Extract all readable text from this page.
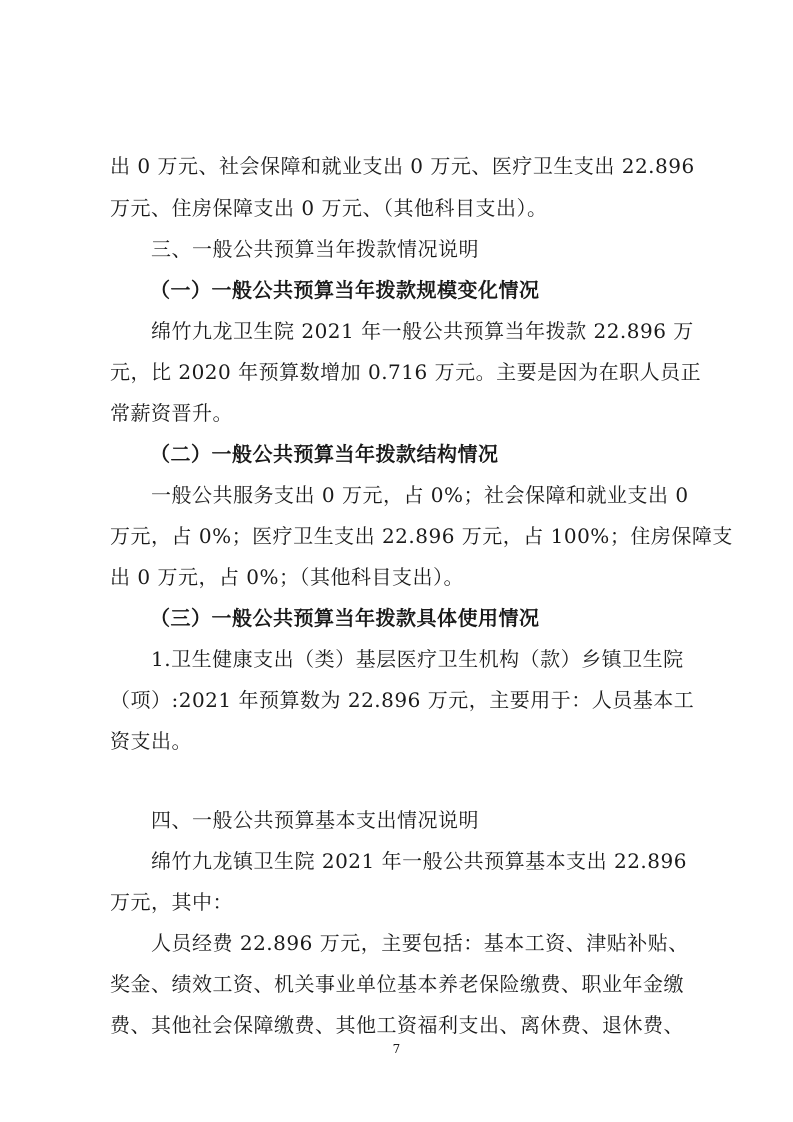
出 0 万元、社会保障和就业支出 0 万元、医疗卫生支出 22.896
万元、住房保障支出 0 万元、（其他科目支出）。
三、一般公共预算当年拨款情况说明
（一）一般公共预算当年拨款规模变化情况
绵竹九龙卫生院 2021 年一般公共预算当年拨款 22.896 万
元，比 2020 年预算数增加 0.716 万元。主要是因为在职人员正
常薪资晋升。
（二）一般公共预算当年拨款结构情况
一般公共服务支出 0 万元，占 0%；社会保障和就业支出 0
万元，占 0%；医疗卫生支出 22.896 万元，占 100%；住房保障支
出 0 万元，占 0%；（其他科目支出）。
（三）一般公共预算当年拨款具体使用情况
1.卫生健康支出（类）基层医疗卫生机构（款）乡镇卫生院
（项）:2021 年预算数为 22.896 万元，主要用于：人员基本工
资支出。
四、一般公共预算基本支出情况说明
绵竹九龙镇卫生院 2021 年一般公共预算基本支出 22.896
万元，其中：
人员经费 22.896 万元，主要包括：基本工资、津贴补贴、
奖金、绩效工资、机关事业单位基本养老保险缴费、职业年金缴
费、其他社会保障缴费、其他工资福利支出、离休费、退休费、
7
